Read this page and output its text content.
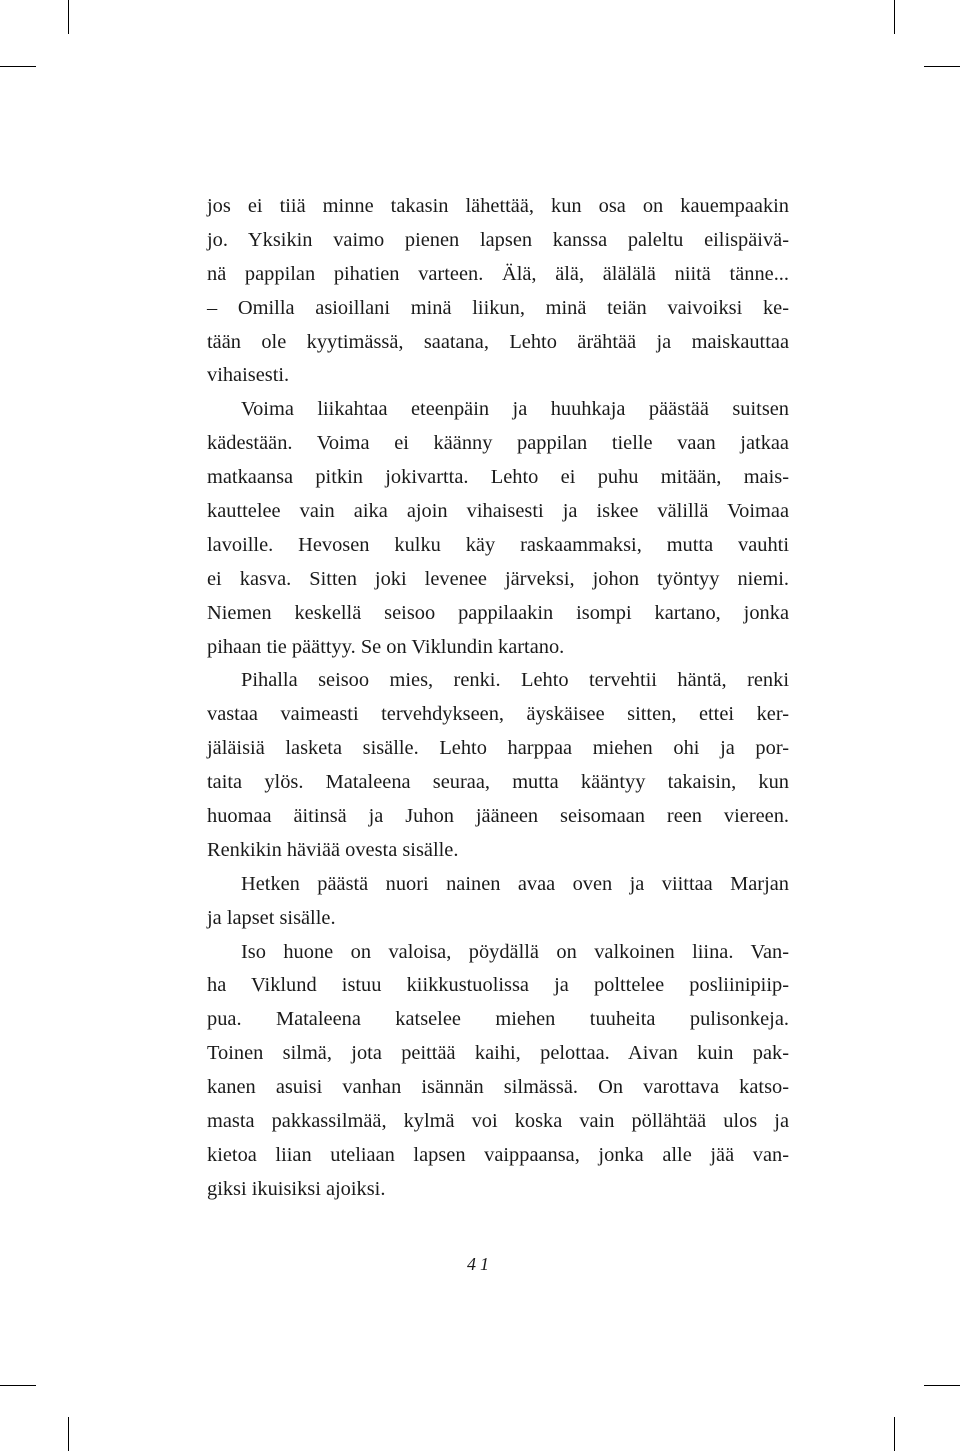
jos ei tiiä minne takasin lähettää, kun osa on kauempaakin
jo. Yksikin vaimo pienen lapsen kanssa paleltu eilispäivä-
nä pappilan pihatien varteen. Älä, älä, älälälä niitä tänne...
– Omilla asioillani minä liikun, minä teiän vaivoiksi ke-
tään ole kyytimässä, saatana, Lehto ärähtää ja maiskauttaa
vihaisesti.
Voima liikahtaa eteenpäin ja huuhkaja päästää suitsen
kädestään. Voima ei käänny pappilan tielle vaan jatkaa
matkaansa pitkin jokivartta. Lehto ei puhu mitään, mais-
kauttelee vain aika ajoin vihaisesti ja iskee välillä Voimaa
lavoille. Hevosen kulku käy raskaammaksi, mutta vauhti
ei kasva. Sitten joki levenee järveksi, johon työntyy niemi.
Niemen keskellä seisoo pappilaakin isompi kartano, jonka
pihaan tie päättyy. Se on Viklundin kartano.
Pihalla seisoo mies, renki. Lehto tervehtii häntä, renki
vastaa vaimeasti tervehdykseen, äyskäisee sitten, ettei ker-
jäläisiä lasketa sisälle. Lehto harppaa miehen ohi ja por-
taita ylös. Mataleena seuraa, mutta kääntyy takaisin, kun
huomaa äitinsä ja Juhon jääneen seisomaan reen viereen.
Renkikin häviää ovesta sisälle.
Hetken päästä nuori nainen avaa oven ja viittaa Marjan
ja lapset sisälle.
Iso huone on valoisa, pöydällä on valkoinen liina. Van-
ha Viklund istuu kiikkustuolissa ja polttelee posliinipiip-
pua. Mataleena katselee miehen tuuheita pulisonkeja.
Toinen silmä, jota peittää kaihi, pelottaa. Aivan kuin pak-
kanen asuisi vanhan isännän silmässä. On varottava katso-
masta pakkassilmää, kylmä voi koska vain pöllähtää ulos ja
kietoa liian uteliaan lapsen vaippaansa, jonka alle jää van-
giksi ikuisiksi ajoiksi.
41
